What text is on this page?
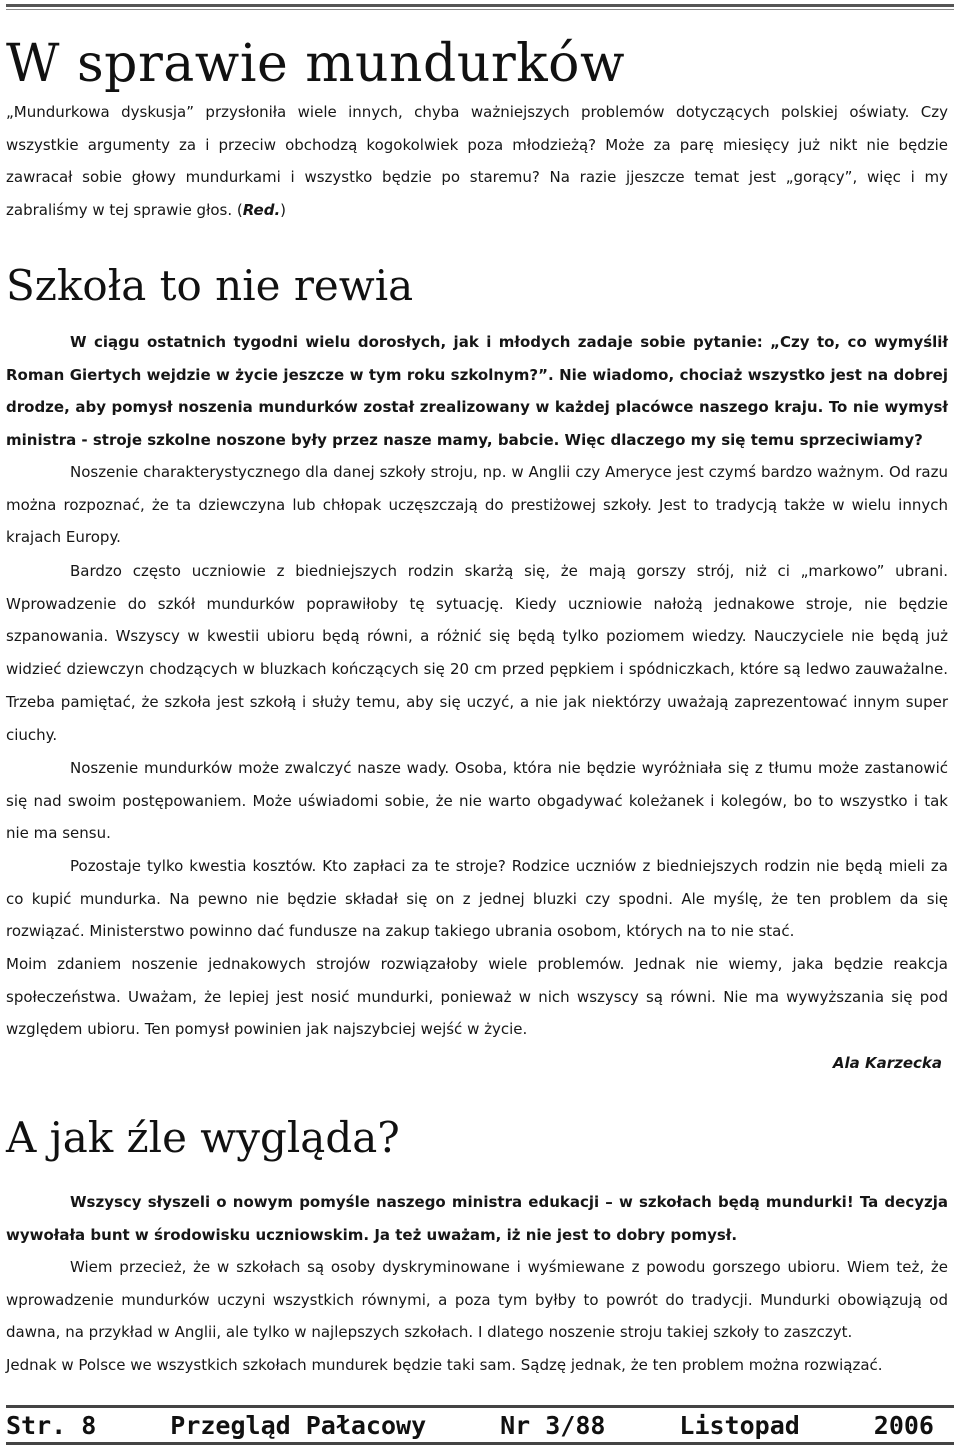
W sprawie mundurków

„Mundurkowa dyskusja” przysłoniła wiele innych, chyba ważniejszych problemów dotyczących polskiej oświaty. Czy wszystkie argumenty za i przeciw obchodzą kogokolwiek poza młodzieżą? Może za parę miesięcy już nikt nie będzie zawracał sobie głowy mundurkami i wszystko będzie po staremu? Na razie jjeszcze temat jest „gorący”, więc i my zabraliśmy w tej sprawie głos. (Red.)

Szkoła to nie rewia

W ciągu ostatnich tygodni wielu dorosłych, jak i młodych zadaje sobie pytanie: „Czy to, co wymyślił Roman Giertych wejdzie w życie jeszcze w tym roku szkolnym?”. Nie wiadomo, chociaż wszystko jest na dobrej drodze, aby pomysł noszenia mundurków został zrealizowany w każdej placówce naszego kraju. To nie wymysł ministra - stroje szkolne noszone były przez nasze mamy, babcie. Więc dlaczego my się temu sprzeciwiamy?

Noszenie charakterystycznego dla danej szkoły stroju, np. w Anglii czy Ameryce jest czymś bardzo ważnym. Od razu można rozpoznać, że ta dziewczyna lub chłopak uczęszczają do prestiżowej szkoły. Jest to tradycją także w wielu innych krajach Europy.

Bardzo często uczniowie z biedniejszych rodzin skarżą się, że mają gorszy strój, niż ci „markowo” ubrani. Wprowadzenie do szkół mundurków poprawiłoby tę sytuację. Kiedy uczniowie nałożą jednakowe stroje, nie będzie szpanowania. Wszyscy w kwestii ubioru będą równi, a różnić się będą tylko poziomem wiedzy. Nauczyciele nie będą już widzieć dziewczyn chodzących w bluzkach kończących się 20 cm przed pępkiem i spódniczkach, które są ledwo zauważalne. Trzeba pamiętać, że szkoła jest szkołą i służy temu, aby się uczyć, a nie jak niektórzy uważają zaprezentować innym super ciuchy.

Noszenie mundurków może zwalczyć nasze wady. Osoba, która nie będzie wyróżniała się z tłumu może zastanowić się nad swoim postępowaniem. Może uświadomi sobie, że nie warto obgadywać koleżanek i kolegów, bo to wszystko i tak nie ma sensu.

Pozostaje tylko kwestia kosztów. Kto zapłaci za te stroje? Rodzice uczniów z biedniejszych rodzin nie będą mieli za co kupić mundurka. Na pewno nie będzie składał się on z jednej bluzki czy spodni. Ale myślę, że ten problem da się rozwiązać. Ministerstwo powinno dać fundusze na zakup takiego ubrania osobom, których na to nie stać.

Moim zdaniem noszenie jednakowych strojów rozwiązałoby wiele problemów. Jednak nie wiemy, jaka będzie reakcja społeczeństwa. Uważam, że lepiej jest nosić mundurki, ponieważ w nich wszyscy są równi. Nie ma wywyższania się pod względem ubioru. Ten pomysł powinien jak najszybciej wejść w życie.

Ala Karzecka
A jak źle wygląda?

Wszyscy słyszeli o nowym pomyśle naszego ministra edukacji – w szkołach będą mundurki! Ta decyzja wywołała bunt w środowisku uczniowskim. Ja też uważam, iż nie jest to dobry pomysł.

Wiem przecież, że w szkołach są osoby dyskryminowane i wyśmiewane z powodu gorszego ubioru. Wiem też, że wprowadzenie mundurków uczyni wszystkich równymi, a poza tym byłby to powrót do tradycji. Mundurki obowiązują od dawna, na przykład w Anglii, ale tylko w najlepszych szkołach. I dlatego noszenie stroju takiej szkoły to zaszczyt.

Jednak w Polsce we wszystkich szkołach mundurek będzie taki sam. Sądzę jednak, że ten problem można rozwiązać.

Str. 8	Przegląd Pałacowy	Nr 3/88	Listopad	2006
